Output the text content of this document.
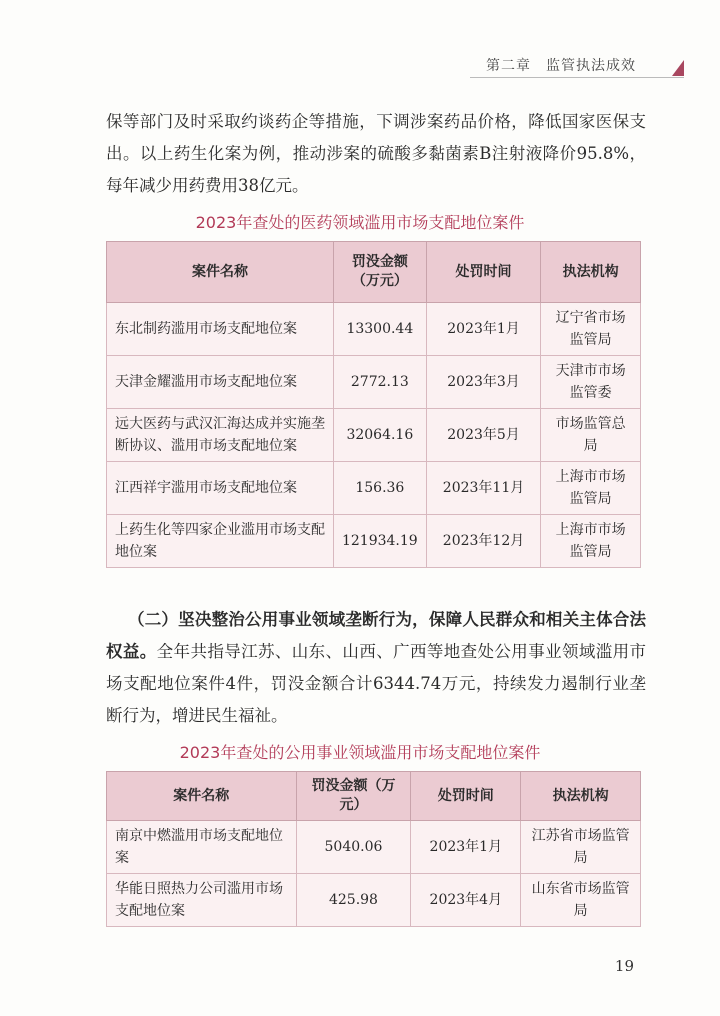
第二章　监管执法成效
保等部门及时采取约谈药企等措施，下调涉案药品价格，降低国家医保支出。以上药生化案为例，推动涉案的硫酸多黏菌素B注射液降价95.8%，每年减少用药费用38亿元。
2023年查处的医药领域滥用市场支配地位案件
案件名称	罚没金额（万元）	处罚时间	执法机构
东北制药滥用市场支配地位案	13300.44	2023年1月	辽宁省市场监管局
天津金耀滥用市场支配地位案	2772.13	2023年3月	天津市市场监管委
远大医药与武汉汇海达成并实施垄断协议、滥用市场支配地位案	32064.16	2023年5月	市场监管总局
江西祥宇滥用市场支配地位案	156.36	2023年11月	上海市市场监管局
上药生化等四家企业滥用市场支配地位案	121934.19	2023年12月	上海市市场监管局
（二）坚决整治公用事业领域垄断行为，保障人民群众和相关主体合法权益。全年共指导江苏、山东、山西、广西等地查处公用事业领域滥用市场支配地位案件4件，罚没金额合计6344.74万元，持续发力遏制行业垄断行为，增进民生福祉。
2023年查处的公用事业领域滥用市场支配地位案件
案件名称	罚没金额（万元）	处罚时间	执法机构
南京中燃滥用市场支配地位案	5040.06	2023年1月	江苏省市场监管局
华能日照热力公司滥用市场支配地位案	425.98	2023年4月	山东省市场监管局
19
